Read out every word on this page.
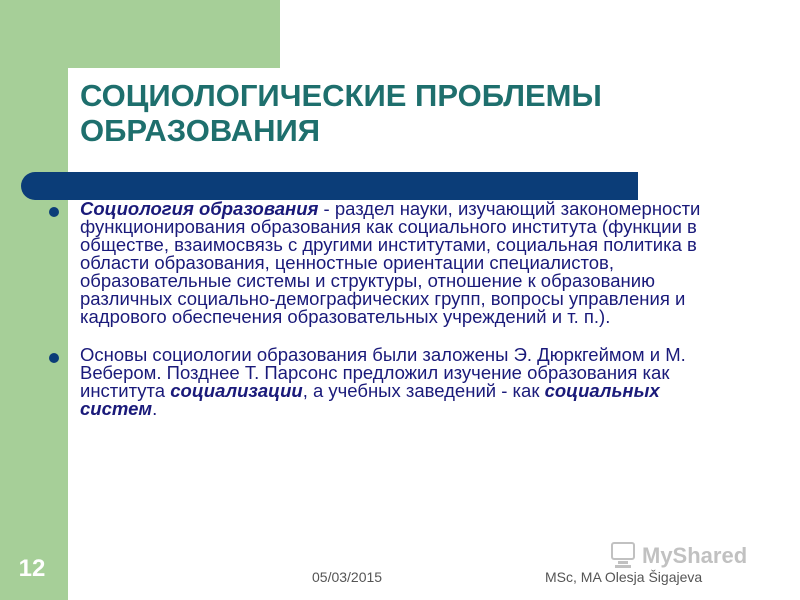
СОЦИОЛОГИЧЕСКИЕ ПРОБЛЕМЫ
ОБРАЗОВАНИЯ

Социология образования - раздел науки, изучающий закономерности функционирования образования как социального института (функции в обществе, взаимосвязь с другими институтами, социальная политика в области образования, ценностные ориентации специалистов, образовательные системы и структуры, отношение к образованию различных социально-демографических групп, вопросы управления и кадрового обеспечения образовательных учреждений и т. п.).

Основы социологии образования были заложены Э. Дюркгеймом и М. Вебером. Позднее Т. Парсонс предложил изучение образования как института социализации, а учебных заведений - как социальных систем.

12	05/03/2015	MSc, MA Olesja Šigajeva
MyShared
